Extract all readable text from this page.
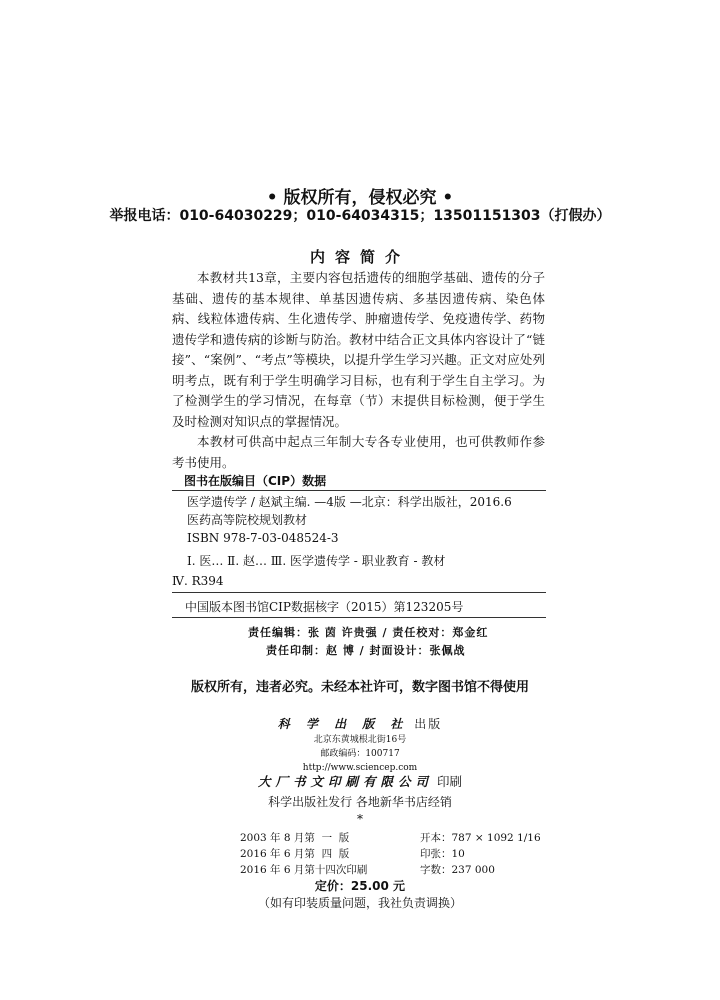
• 版权所有，侵权必究 •
举报电话：010-64030229；010-64034315；13501151303（打假办）
内容简介

本教材共13章，主要内容包括遗传的细胞学基础、遗传的分子基础、遗传的基本规律、单基因遗传病、多基因遗传病、染色体病、线粒体遗传病、生化遗传学、肿瘤遗传学、免疫遗传学、药物遗传学和遗传病的诊断与防治。教材中结合正文具体内容设计了“链接”、“案例”、“考点”等模块，以提升学生学习兴趣。正文对应处列明考点，既有利于学生明确学习目标，也有利于学生自主学习。为了检测学生的学习情况，在每章（节）末提供目标检测，便于学生及时检测对知识点的掌握情况。

本教材可供高中起点三年制大专各专业使用，也可供教师作参考书使用。

图书在版编目（CIP）数据
医学遗传学 / 赵斌主编. —4版 —北京：科学出版社，2016.6
医药高等院校规划教材
ISBN 978-7-03-048524-3
Ⅰ. 医… Ⅱ. 赵… Ⅲ. 医学遗传学 - 职业教育 - 教材
Ⅳ. R394
中国版本图书馆CIP数据核字（2015）第123205号
责任编辑：张 茵 许贵强 / 责任校对：郑金红
责任印制：赵 博 / 封面设计：张佩战
版权所有，违者必究。未经本社许可，数字图书馆不得使用
科 学 出 版 社 出版
北京东黄城根北街16号
邮政编码：100717
http://www.sciencep.com
大厂书文印刷有限公司 印刷
科学出版社发行 各地新华书店经销
*
2003 年 8 月第  一  版	开本：787 × 1092 1/16
2016 年 6 月第  四  版	印张：10
2016 年 6 月第十四次印刷	字数：237 000
定价：25.00 元
（如有印装质量问题，我社负责调换）
